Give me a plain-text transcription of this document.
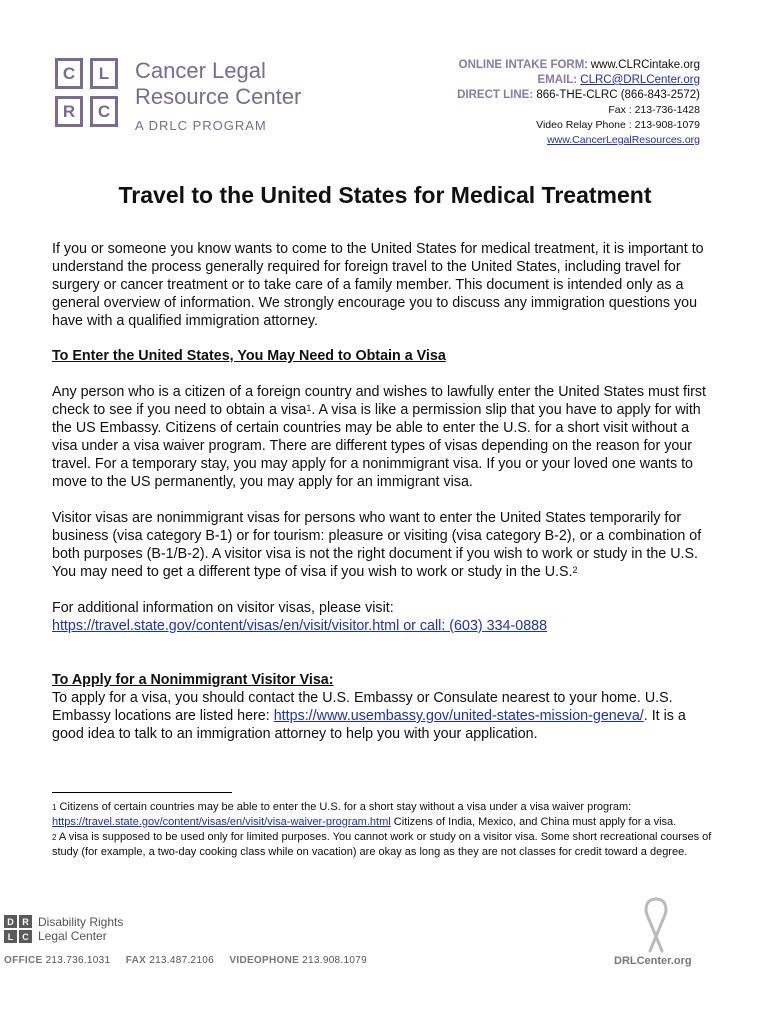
C	L
R	C
Cancer Legal
Resource Center
A DRLC PROGRAM
ONLINE INTAKE FORM: www.CLRCintake.org
EMAIL: CLRC@DRLCenter.org
DIRECT LINE: 866-THE-CLRC (866-843-2572)
Fax : 213-736-1428
Video Relay Phone : 213-908-1079
www.CancerLegalResources.org
Travel to the United States for Medical Treatment

If you or someone you know wants to come to the United States for medical treatment, it is important to understand the process generally required for foreign travel to the United States, including travel for surgery or cancer treatment or to take care of a family member. This document is intended only as a general overview of information. We strongly encourage you to discuss any immigration questions you have with a qualified immigration attorney.

To Enter the United States, You May Need to Obtain a Visa

Any person who is a citizen of a foreign country and wishes to lawfully enter the United States must first check to see if you need to obtain a visa$^1$. A visa is like a permission slip that you have to apply for with the US Embassy. Citizens of certain countries may be able to enter the U.S. for a short visit without a visa under a visa waiver program. There are different types of visas depending on the reason for your travel. For a temporary stay, you may apply for a nonimmigrant visa. If you or your loved one wants to move to the US permanently, you may apply for an immigrant visa.

Visitor visas are nonimmigrant visas for persons who want to enter the United States temporarily for business (visa category B-1) or for tourism: pleasure or visiting (visa category B-2), or a combination of both purposes (B-1/B-2). A visitor visa is not the right document if you wish to work or study in the U.S. You may need to get a different type of visa if you wish to work or study in the U.S.$^2$

For additional information on visitor visas, please visit:
https://travel.state.gov/content/visas/en/visit/visitor.html or call: (603) 334-0888

To Apply for a Nonimmigrant Visitor Visa:

To apply for a visa, you should contact the U.S. Embassy or Consulate nearest to your home. U.S. Embassy locations are listed here: https://www.usembassy.gov/united-states-mission-geneva/. It is a good idea to talk to an immigration attorney to help you with your application.

$^1$ Citizens of certain countries may be able to enter the U.S. for a short stay without a visa under a visa waiver program: https://travel.state.gov/content/visas/en/visit/visa-waiver-program.html Citizens of India, Mexico, and China must apply for a visa.

$^2$ A visa is supposed to be used only for limited purposes. You cannot work or study on a visitor visa. Some short recreational courses of study (for example, a two-day cooking class while on vacation) are okay as long as they are not classes for credit toward a degree.

D R
L	C
Disability Rights
Legal Center
OFFICE 213.736.1031 FAX 213.487.2106 VIDEOPHONE 213.908.1079	DRLCenter.org
